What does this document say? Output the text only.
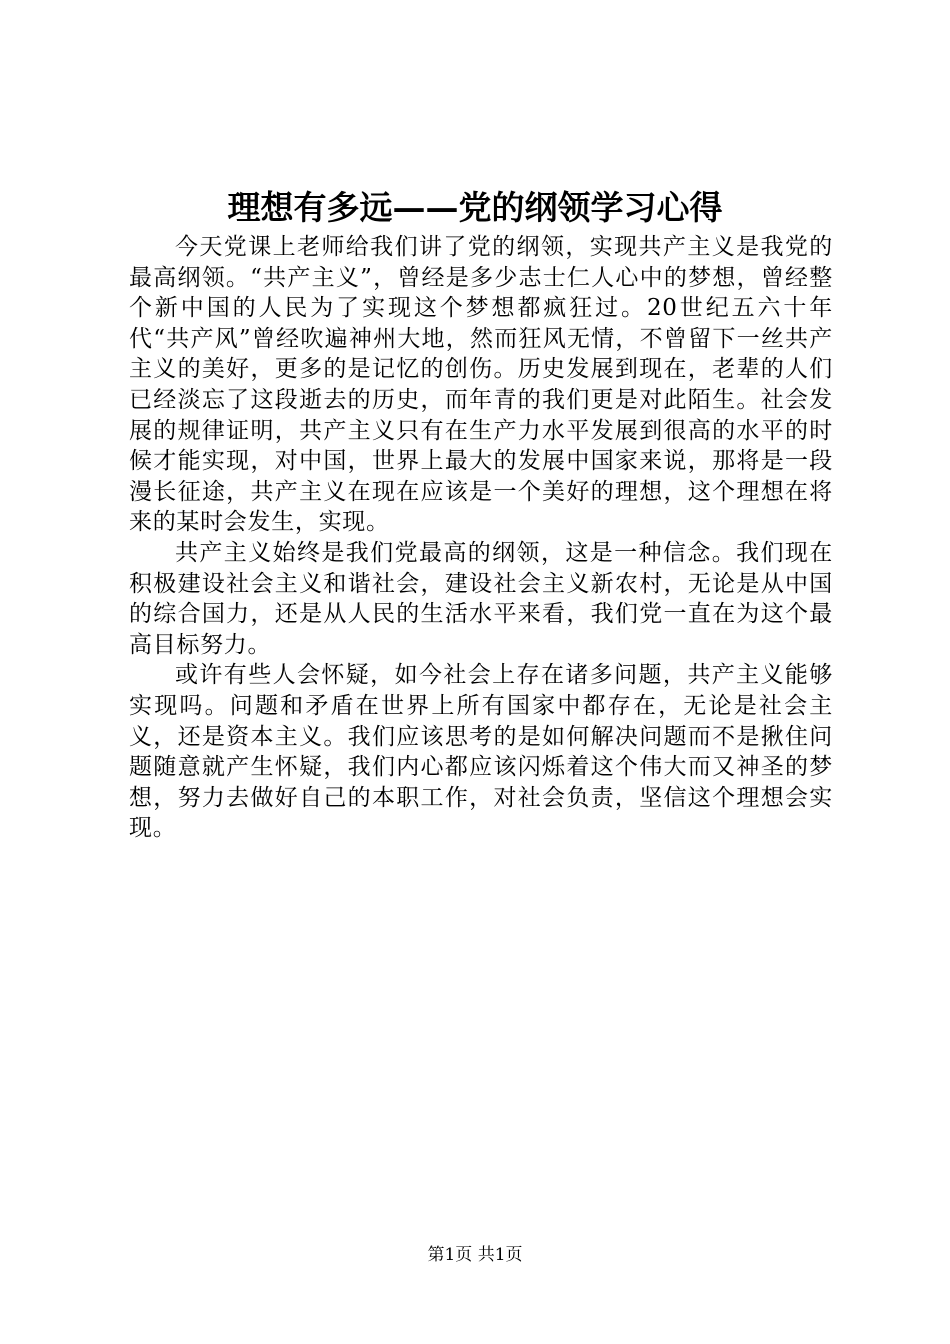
理想有多远——党的纲领学习心得

今天党课上老师给我们讲了党的纲领，实现共产主义是我党的最高纲领。“共产主义”，曾经是多少志士仁人心中的梦想，曾经整个新中国的人民为了实现这个梦想都疯狂过。20世纪五六十年代“共产风”曾经吹遍神州大地，然而狂风无情，不曾留下一丝共产主义的美好，更多的是记忆的创伤。历史发展到现在，老辈的人们已经淡忘了这段逝去的历史，而年青的我们更是对此陌生。社会发展的规律证明，共产主义只有在生产力水平发展到很高的水平的时候才能实现，对中国，世界上最大的发展中国家来说，那将是一段漫长征途，共产主义在现在应该是一个美好的理想，这个理想在将来的某时会发生，实现。

共产主义始终是我们党最高的纲领，这是一种信念。我们现在积极建设社会主义和谐社会，建设社会主义新农村，无论是从中国的综合国力，还是从人民的生活水平来看，我们党一直在为这个最高目标努力。

或许有些人会怀疑，如今社会上存在诸多问题，共产主义能够实现吗。问题和矛盾在世界上所有国家中都存在，无论是社会主义，还是资本主义。我们应该思考的是如何解决问题而不是揪住问题随意就产生怀疑，我们内心都应该闪烁着这个伟大而又神圣的梦想，努力去做好自己的本职工作，对社会负责，坚信这个理想会实现。

第1页 共1页
